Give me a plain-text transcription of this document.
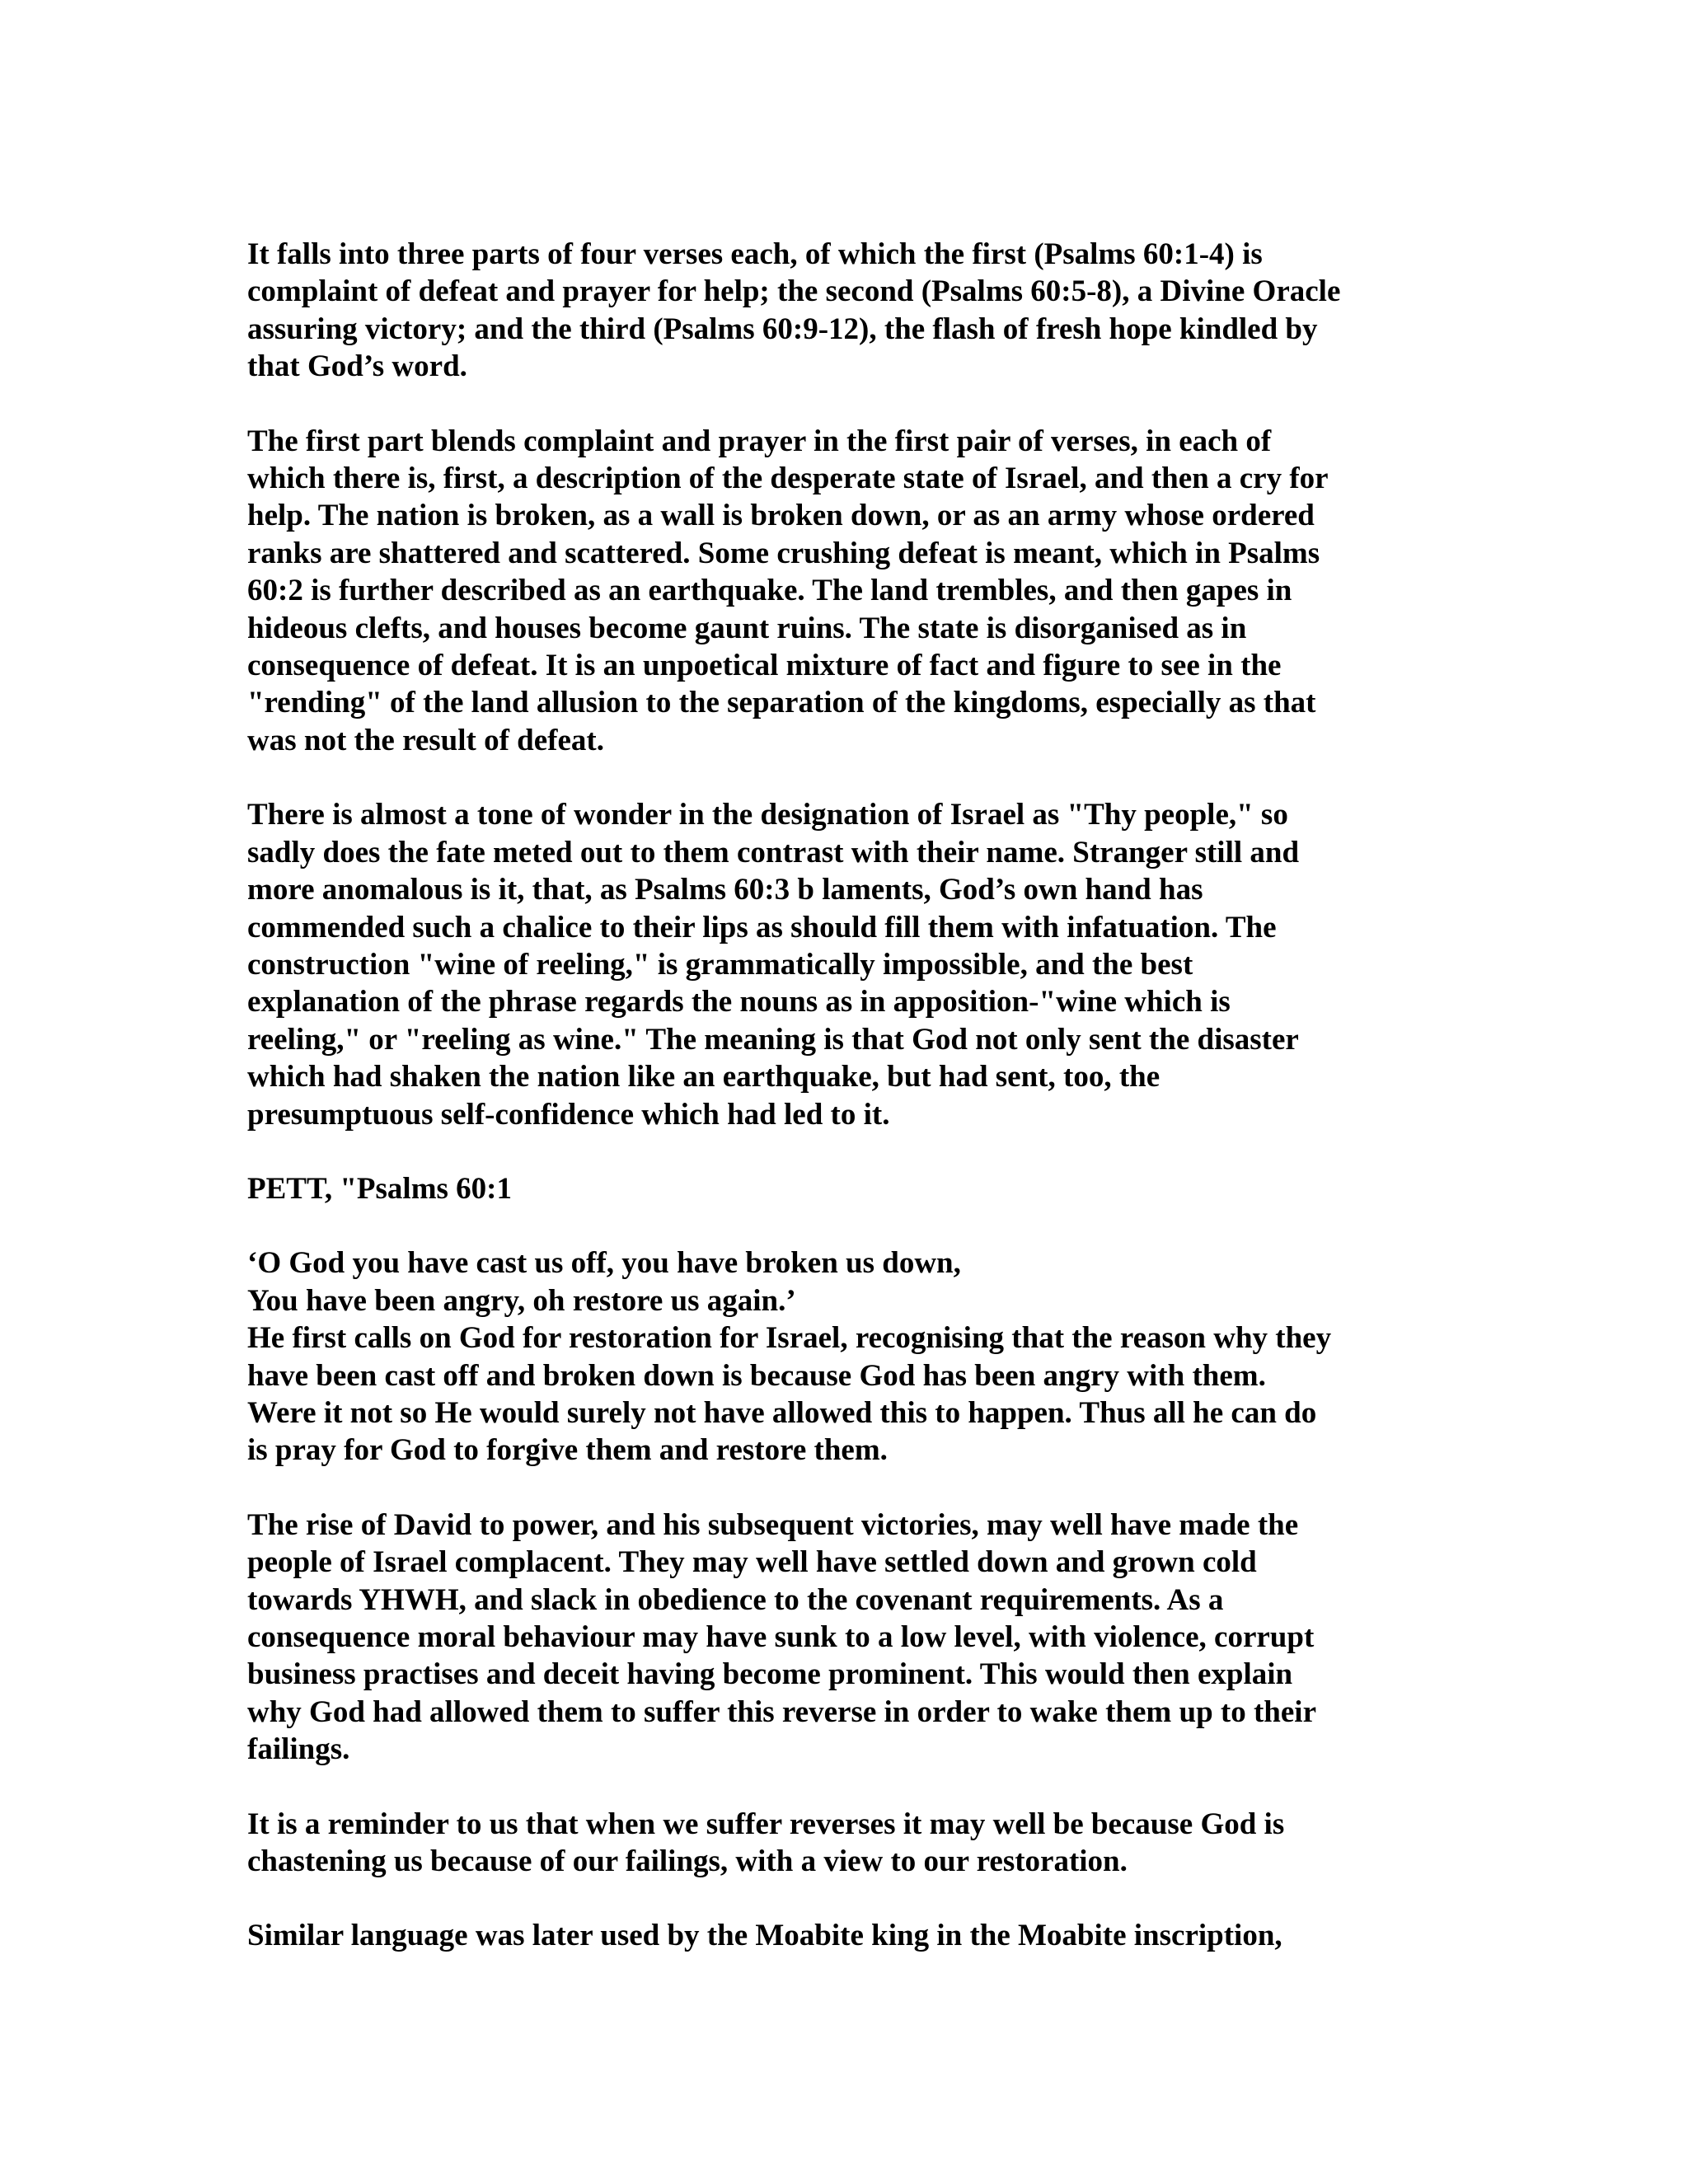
It falls into three parts of four verses each, of which the first (Psalms 60:1-4) is
complaint of defeat and prayer for help; the second (Psalms 60:5-8), a Divine Oracle
assuring victory; and the third (Psalms 60:9-12), the flash of fresh hope kindled by
that God’s word.

The first part blends complaint and prayer in the first pair of verses, in each of
which there is, first, a description of the desperate state of Israel, and then a cry for
help. The nation is broken, as a wall is broken down, or as an army whose ordered
ranks are shattered and scattered. Some crushing defeat is meant, which in Psalms
60:2 is further described as an earthquake. The land trembles, and then gapes in
hideous clefts, and houses become gaunt ruins. The state is disorganised as in
consequence of defeat. It is an unpoetical mixture of fact and figure to see in the
"rending" of the land allusion to the separation of the kingdoms, especially as that
was not the result of defeat.

There is almost a tone of wonder in the designation of Israel as "Thy people," so
sadly does the fate meted out to them contrast with their name. Stranger still and
more anomalous is it, that, as Psalms 60:3 b laments, God’s own hand has
commended such a chalice to their lips as should fill them with infatuation. The
construction "wine of reeling," is grammatically impossible, and the best
explanation of the phrase regards the nouns as in apposition-"wine which is
reeling," or "reeling as wine." The meaning is that God not only sent the disaster
which had shaken the nation like an earthquake, but had sent, too, the
presumptuous self-confidence which had led to it.

PETT, "Psalms 60:1

‘O God you have cast us off, you have broken us down,
You have been angry, oh restore us again.’
He first calls on God for restoration for Israel, recognising that the reason why they
have been cast off and broken down is because God has been angry with them.
Were it not so He would surely not have allowed this to happen. Thus all he can do
is pray for God to forgive them and restore them.

The rise of David to power, and his subsequent victories, may well have made the
people of Israel complacent. They may well have settled down and grown cold
towards YHWH, and slack in obedience to the covenant requirements. As a
consequence moral behaviour may have sunk to a low level, with violence, corrupt
business practises and deceit having become prominent. This would then explain
why God had allowed them to suffer this reverse in order to wake them up to their
failings.

It is a reminder to us that when we suffer reverses it may well be because God is
chastening us because of our failings, with a view to our restoration.

Similar language was later used by the Moabite king in the Moabite inscription,
